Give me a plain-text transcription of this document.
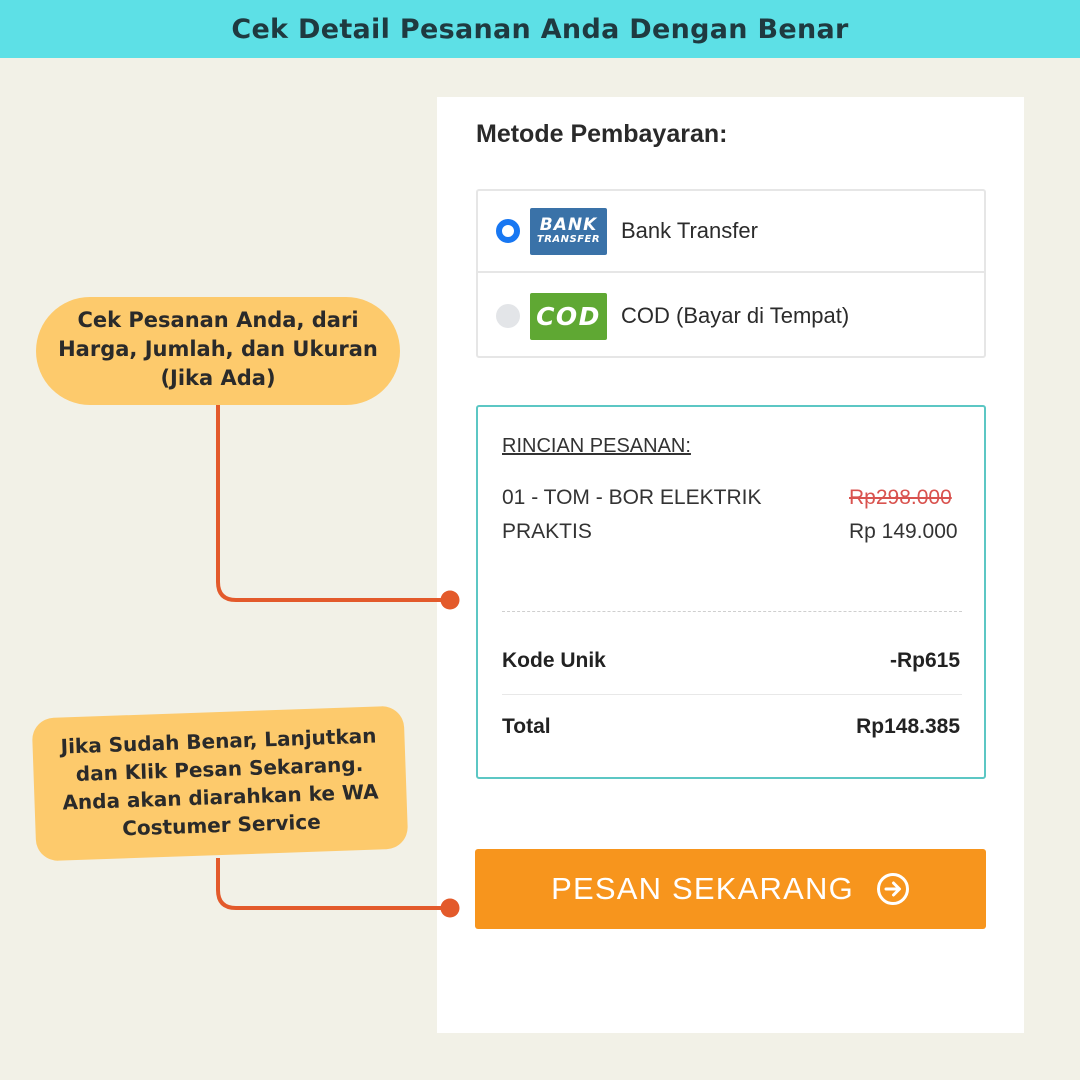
Cek Detail Pesanan Anda Dengan Benar
Metode Pembayaran:
BANK
TRANSFER Bank Transfer
COD COD (Bayar di Tempat)
RINCIAN PESANAN:
01 - TOM - BOR ELEKTRIK PRAKTIS
Rp298.000
Rp 149.000
Kode Unik	-Rp615
Total	Rp148.385
PESAN SEKARANG
Cek Pesanan Anda, dari Harga, Jumlah, dan Ukuran (Jika Ada)
Jika Sudah Benar, Lanjutkan dan Klik Pesan Sekarang. Anda akan diarahkan ke WA Costumer Service
